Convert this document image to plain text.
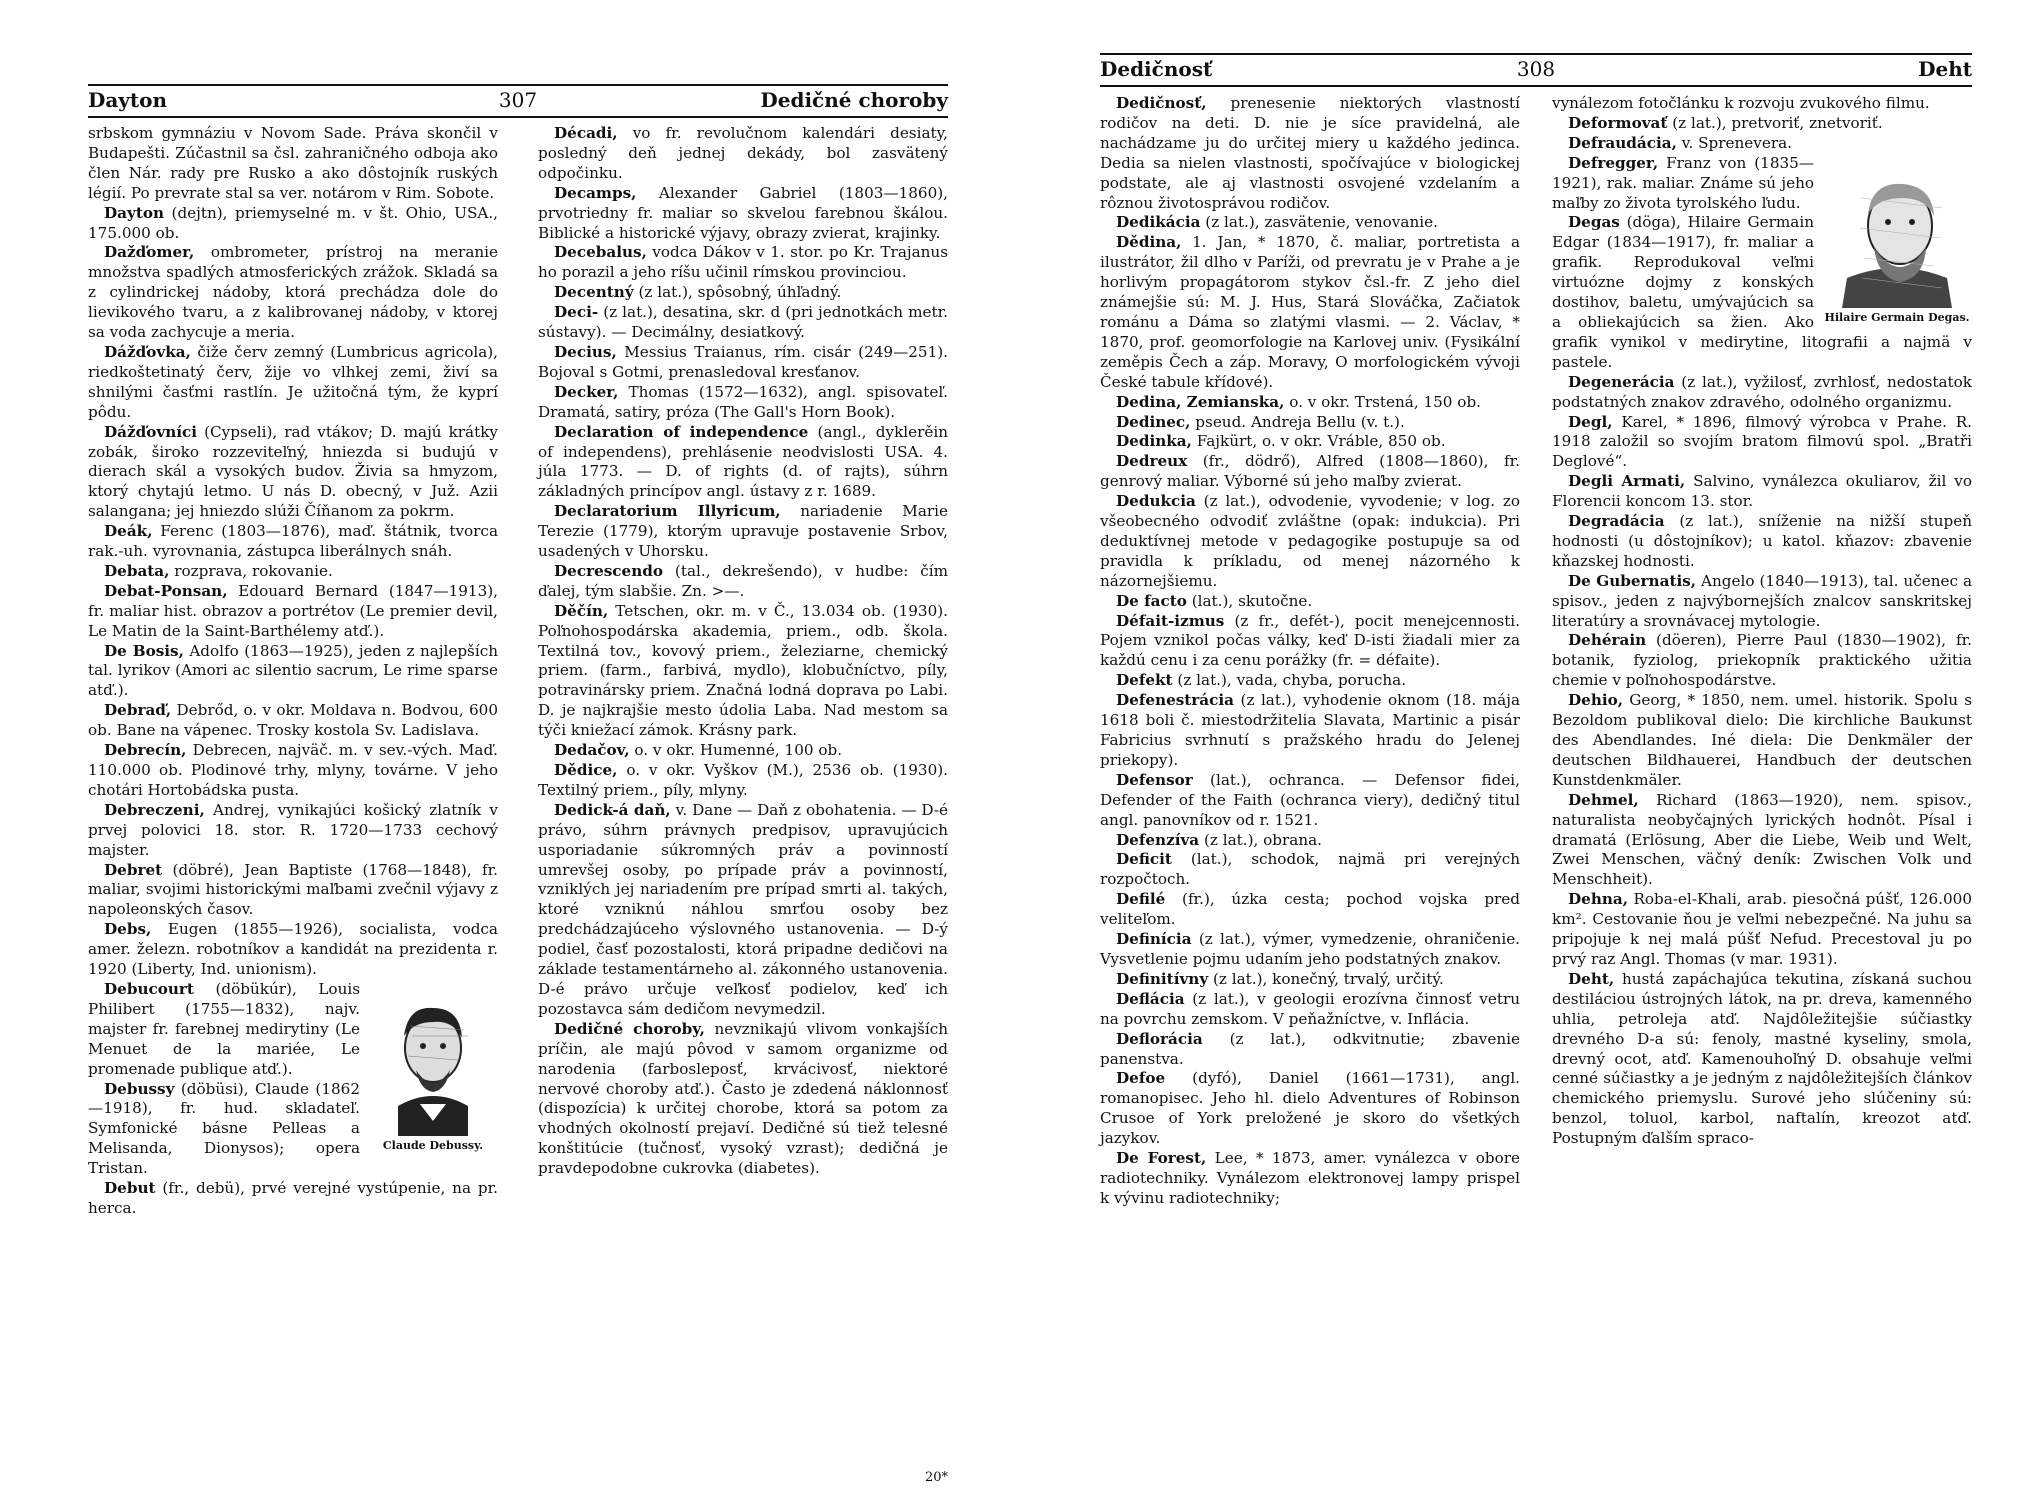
Dayton	307	Dedičné choroby

srbskom gymnáziu v Novom Sade. Práva skončil v Budapešti. Zúčastnil sa čsl. zahraničného odboja ako člen Nár. rady pre Rusko a ako dôstojník ruských légií. Po prevrate stal sa ver. notárom v Rim. Sobote.

Dayton (dejtn), priemyselné m. v št. Ohio, USA., 175.000 ob.

Dažďomer, ombrometer, prístroj na meranie množstva spadlých atmosferických zrážok. Skladá sa z cylindrickej nádoby, ktorá prechádza dole do lievikového tvaru, a z kalibrovanej nádoby, v ktorej sa voda zachycuje a meria.

Dážďovka, čiže červ zemný (Lumbricus agricola), riedkoštetinatý červ, žije vo vlhkej zemi, živí sa shnilými časťmi rastlín. Je užitočná tým, že kyprí pôdu.

Dážďovníci (Cypseli), rad vtákov; D. majú krátky zobák, široko rozzeviteľný, hniezda si budujú v dierach skál a vysokých budov. Živia sa hmyzom, ktorý chytajú letmo. U nás D. obecný, v Juž. Azii salangana; jej hniezdo slúži Číňanom za pokrm.

Deák, Ferenc (1803—1876), maď. štátnik, tvorca rak.-uh. vyrovnania, zástupca liberálnych snáh.

Debata, rozprava, rokovanie.

Debat-Ponsan, Edouard Bernard (1847—1913), fr. maliar hist. obrazov a portrétov (Le premier devil, Le Matin de la Saint-Barthélemy atď.).

De Bosis, Adolfo (1863—1925), jeden z najlepších tal. lyrikov (Amori ac silentio sacrum, Le rime sparse atď.).

Debraď, Debrőd, o. v okr. Moldava n. Bodvou, 600 ob. Bane na vápenec. Trosky kostola Sv. Ladislava.

Debrecín, Debrecen, najväč. m. v sev.-vých. Maď. 110.000 ob. Plodinové trhy, mlyny, továrne. V jeho chotári Hortobádska pusta.

Debreczeni, Andrej, vynikajúci košický zlatník v prvej polovici 18. stor. R. 1720—1733 cechový majster.

Debret (döbré), Jean Baptiste (1768—1848), fr. maliar, svojimi historickými maľbami zvečnil výjavy z napoleonských časov.

Debs, Eugen (1855—1926), socialista, vodca amer. železn. robotníkov a kandidát na prezidenta r. 1920 (Liberty, Ind. unionism).

Claude Debussy.

Debucourt (döbükúr), Louis Philibert (1755—1832), najv. majster fr. farebnej medirytiny (Le Menuet de la mariée, Le promenade publique atď.).

Debussy (döbüsi), Claude (1862—1918), fr. hud. skladateľ. Symfonické básne Pelleas a Melisanda, Dionysos); opera Tristan.

Debut (fr., debü), prvé verejné vystúpenie, na pr. herca.

Décadi, vo fr. revolučnom kalendári desiaty, posledný deň jednej dekády, bol zasvätený odpočinku.

Decamps, Alexander Gabriel (1803—1860), prvotriedny fr. maliar so skvelou farebnou škálou. Biblické a historické výjavy, obrazy zvierat, krajinky.

Decebalus, vodca Dákov v 1. stor. po Kr. Trajanus ho porazil a jeho ríšu učinil rímskou provinciou.

Decentný (z lat.), spôsobný, úhľadný.

Deci- (z lat.), desatina, skr. d (pri jednotkách metr. sústavy). — Decimálny, desiatkový.

Decius, Messius Traianus, rím. cisár (249—251). Bojoval s Gotmi, prenasledoval kresťanov.

Decker, Thomas (1572—1632), angl. spisovateľ. Dramatá, satiry, próza (The Gall's Horn Book).

Declaration of independence (angl., dyklerěin of independens), prehlásenie neodvislosti USA. 4. júla 1773. — D. of rights (d. of rajts), súhrn základných princípov angl. ústavy z r. 1689.

Declaratorium Illyricum, nariadenie Marie Terezie (1779), ktorým upravuje postavenie Srbov, usadených v Uhorsku.

Decrescendo (tal., dekrešendo), v hudbe: čím ďalej, tým slabšie. Zn. >—.

Děčín, Tetschen, okr. m. v Č., 13.034 ob. (1930). Poľnohospodárska akademia, priem., odb. škola. Textilná tov., kovový priem., železiarne, chemický priem. (farm., farbivá, mydlo), klobučníctvo, píly, potravinársky priem. Značná lodná doprava po Labi. D. je najkrajšie mesto údolia Laba. Nad mestom sa týči kniežací zámok. Krásny park.

Dedačov, o. v okr. Humenné, 100 ob.

Dědice, o. v okr. Vyškov (M.), 2536 ob. (1930). Textilný priem., píly, mlyny.

Dedick-á daň, v. Dane — Daň z obohatenia. — D-é právo, súhrn právnych predpisov, upravujúcich usporiadanie súkromných práv a povinností umrevšej osoby, po prípade práv a povinností, vzniklých jej nariadením pre prípad smrti al. takých, ktoré vzniknú náhlou smrťou osoby bez predchádzajúceho výslovného ustanovenia. — D-ý podiel, časť pozostalosti, ktorá pripadne dedičovi na základe testamentárneho al. zákonného ustanovenia. D-é právo určuje veľkosť podielov, keď ich pozostavca sám dedičom nevymedzil.

Dedičné choroby, nevznikajú vlivom vonkajších príčin, ale majú pôvod v samom organizme od narodenia (farbosleposť, krvácivosť, niektoré nervové choroby atď.). Často je zdedená náklonnosť (dispozícia) k určitej chorobe, ktorá sa potom za vhodných okolností prejaví. Dedičné sú tiež telesné konštitúcie (tučnosť, vysoký vzrast); dedičná je pravdepodobne cukrovka (diabetes).

20*
Dedičnosť	308	Deht

Dedičnosť, prenesenie niektorých vlastností rodičov na deti. D. nie je síce pravidelná, ale nachádzame ju do určitej miery u každého jedinca. Dedia sa nielen vlastnosti, spočívajúce v biologickej podstate, ale aj vlastnosti osvojené vzdelaním a rôznou životosprávou rodičov.

Dedikácia (z lat.), zasvätenie, venovanie.

Dědina, 1. Jan, * 1870, č. maliar, portretista a ilustrátor, žil dlho v Paríži, od prevratu je v Prahe a je horlivým propagátorom stykov čsl.-fr. Z jeho diel známejšie sú: M. J. Hus, Stará Slováčka, Začiatok románu a Dáma so zlatými vlasmi. — 2. Václav, * 1870, prof. geomorfologie na Karlovej univ. (Fysikální zeměpis Čech a záp. Moravy, O morfologickém vývoji České tabule křídové).

Dedina, Zemianska, o. v okr. Trstená, 150 ob.

Dedinec, pseud. Andreja Bellu (v. t.).

Dedinka, Fajkürt, o. v okr. Vráble, 850 ob.

Dedreux (fr., dödrő), Alfred (1808—1860), fr. genrový maliar. Výborné sú jeho maľby zvierat.

Dedukcia (z lat.), odvodenie, vyvodenie; v log. zo všeobecného odvodiť zvláštne (opak: indukcia). Pri deduktívnej metode v pedagogike postupuje sa od pravidla k príkladu, od menej názorného k názornejšiemu.

De facto (lat.), skutočne.

Défait-izmus (z fr., defét-), pocit menejcennosti. Pojem vznikol počas války, keď D-isti žiadali mier za každú cenu i za cenu porážky (fr. = défaite).

Defekt (z lat.), vada, chyba, porucha.

Defenestrácia (z lat.), vyhodenie oknom (18. mája 1618 boli č. miestodržitelia Slavata, Martinic a pisár Fabricius svrhnutí s pražského hradu do Jelenej priekopy).

Defensor (lat.), ochranca. — Defensor fidei, Defender of the Faith (ochranca viery), dedičný titul angl. panovníkov od r. 1521.

Defenzíva (z lat.), obrana.

Deficit (lat.), schodok, najmä pri verejných rozpočtoch.

Defilé (fr.), úzka cesta; pochod vojska pred veliteľom.

Definícia (z lat.), výmer, vymedzenie, ohraničenie. Vysvetlenie pojmu udaním jeho podstatných znakov.

Definitívny (z lat.), konečný, trvalý, určitý.

Deflácia (z lat.), v geologii erozívna činnosť vetru na povrchu zemskom. V peňažníctve, v. Inflácia.

Deflorácia (z lat.), odkvitnutie; zbavenie panenstva.

Defoe (dyfó), Daniel (1661—1731), angl. romanopisec. Jeho hl. dielo Adventures of Robinson Crusoe of York preložené je skoro do všetkých jazykov.

De Forest, Lee, * 1873, amer. vynálezca v obore radiotechniky. Vynálezom elektronovej lampy prispel k vývinu radiotechniky;

vynálezom fotočlánku k rozvoju zvukového filmu.

Deformovať (z lat.), pretvoriť, znetvoriť.

Hilaire Germain Degas.

Defraudácia, v. Sprenevera.

Defregger, Franz von (1835—1921), rak. maliar. Známe sú jeho maľby zo života tyrolského ľudu.

Degas (döga), Hilaire Germain Edgar (1834—1917), fr. maliar a grafik. Reprodukoval veľmi virtuózne dojmy z konských dostihov, baletu, umývajúcich sa a obliekajúcich sa žien. Ako grafik vynikol v medirytine, litografii a najmä v pastele.

Degenerácia (z lat.), vyžilosť, zvrhlosť, nedostatok podstatných znakov zdravého, odolného organizmu.

Degl, Karel, * 1896, filmový výrobca v Prahe. R. 1918 založil so svojím bratom filmovú spol. „Bratři Deglové“.

Degli Armati, Salvino, vynálezca okuliarov, žil vo Florencii koncom 13. stor.

Degradácia (z lat.), sníženie na nižší stupeň hodnosti (u dôstojníkov); u katol. kňazov: zbavenie kňazskej hodnosti.

De Gubernatis, Angelo (1840—1913), tal. učenec a spisov., jeden z najvýbornejších znalcov sanskritskej literatúry a srovnávacej mytologie.

Dehérain (döeren), Pierre Paul (1830—1902), fr. botanik, fyziolog, priekopník praktického užitia chemie v poľnohospodárstve.

Dehio, Georg, * 1850, nem. umel. historik. Spolu s Bezoldom publikoval dielo: Die kirchliche Baukunst des Abendlandes. Iné diela: Die Denkmäler der deutschen Bildhauerei, Handbuch der deutschen Kunstdenkmäler.

Dehmel, Richard (1863—1920), nem. spisov., naturalista neobyčajných lyrických hodnôt. Písal i dramatá (Erlösung, Aber die Liebe, Weib und Welt, Zwei Menschen, väčný deník: Zwischen Volk und Menschheit).

Dehna, Roba-el-Khali, arab. piesočná púšť, 126.000 km². Cestovanie ňou je veľmi nebezpečné. Na juhu sa pripojuje k nej malá púšť Nefud. Precestoval ju po prvý raz Angl. Thomas (v mar. 1931).

Deht, hustá zapáchajúca tekutina, získaná suchou destiláciou ústrojných látok, na pr. dreva, kamenného uhlia, petroleja atď. Najdôležitejšie súčiastky drevného D-a sú: fenoly, mastné kyseliny, smola, drevný ocot, atď. Kamenouhoľný D. obsahuje veľmi cenné súčiastky a je jedným z najdôležitejších článkov chemického priemyslu. Surové jeho slúčeniny sú: benzol, toluol, karbol, naftalín, kreozot atď. Postupným ďalším spraco-
